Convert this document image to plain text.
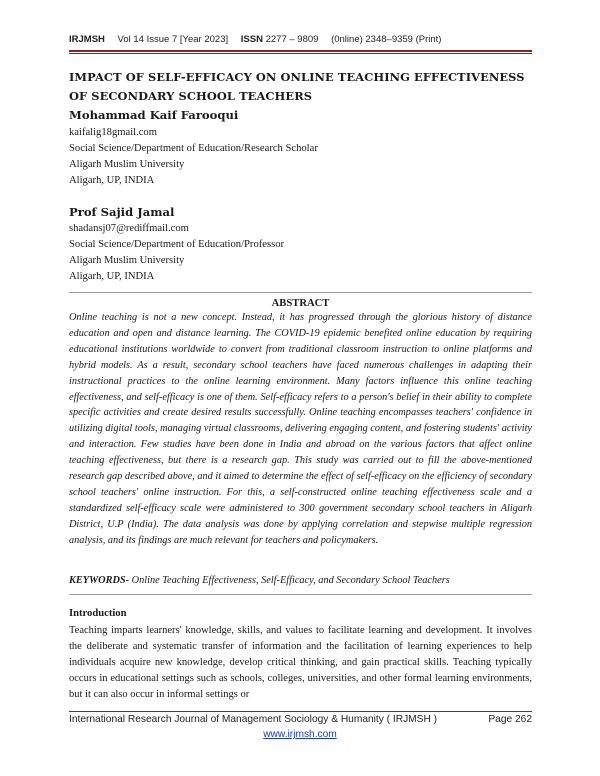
IRJMSH Vol 14 Issue 7 [Year 2023] ISSN 2277 – 9809 (0nline) 2348–9359 (Print)
IMPACT OF SELF-EFFICACY ON ONLINE TEACHING EFFECTIVENESS OF SECONDARY SCHOOL TEACHERS
Mohammad Kaif Farooqui
kaifalig18gmail.com
Social Science/Department of Education/Research Scholar
Aligarh Muslim University
Aligarh, UP, INDIA
Prof Sajid Jamal
shadansj07@rediffmail.com
Social Science/Department of Education/Professor
Aligarh Muslim University
Aligarh, UP, INDIA
ABSTRACT
Online teaching is not a new concept. Instead, it has progressed through the glorious history of distance education and open and distance learning. The COVID-19 epidemic benefited online education by requiring educational institutions worldwide to convert from traditional classroom instruction to online platforms and hybrid models. As a result, secondary school teachers have faced numerous challenges in adapting their instructional practices to the online learning environment. Many factors influence this online teaching effectiveness, and self-efficacy is one of them. Self-efficacy refers to a person's belief in their ability to complete specific activities and create desired results successfully. Online teaching encompasses teachers' confidence in utilizing digital tools, managing virtual classrooms, delivering engaging content, and fostering students' activity and interaction. Few studies have been done in India and abroad on the various factors that affect online teaching effectiveness, but there is a research gap. This study was carried out to fill the above-mentioned research gap described above, and it aimed to determine the effect of self-efficacy on the efficiency of secondary school teachers' online instruction. For this, a self-constructed online teaching effectiveness scale and a standardized self-efficacy scale were administered to 300 government secondary school teachers in Aligarh District, U.P (India). The data analysis was done by applying correlation and stepwise multiple regression analysis, and its findings are much relevant for teachers and policymakers.
KEYWORDS- Online Teaching Effectiveness, Self-Efficacy, and Secondary School Teachers
Introduction
Teaching imparts learners' knowledge, skills, and values to facilitate learning and development. It involves the deliberate and systematic transfer of information and the facilitation of learning experiences to help individuals acquire new knowledge, develop critical thinking, and gain practical skills. Teaching typically occurs in educational settings such as schools, colleges, universities, and other formal learning environments, but it can also occur in informal settings or
International Research Journal of Management Sociology & Humanity ( IRJMSH )	Page 262
www.irjmsh.com
